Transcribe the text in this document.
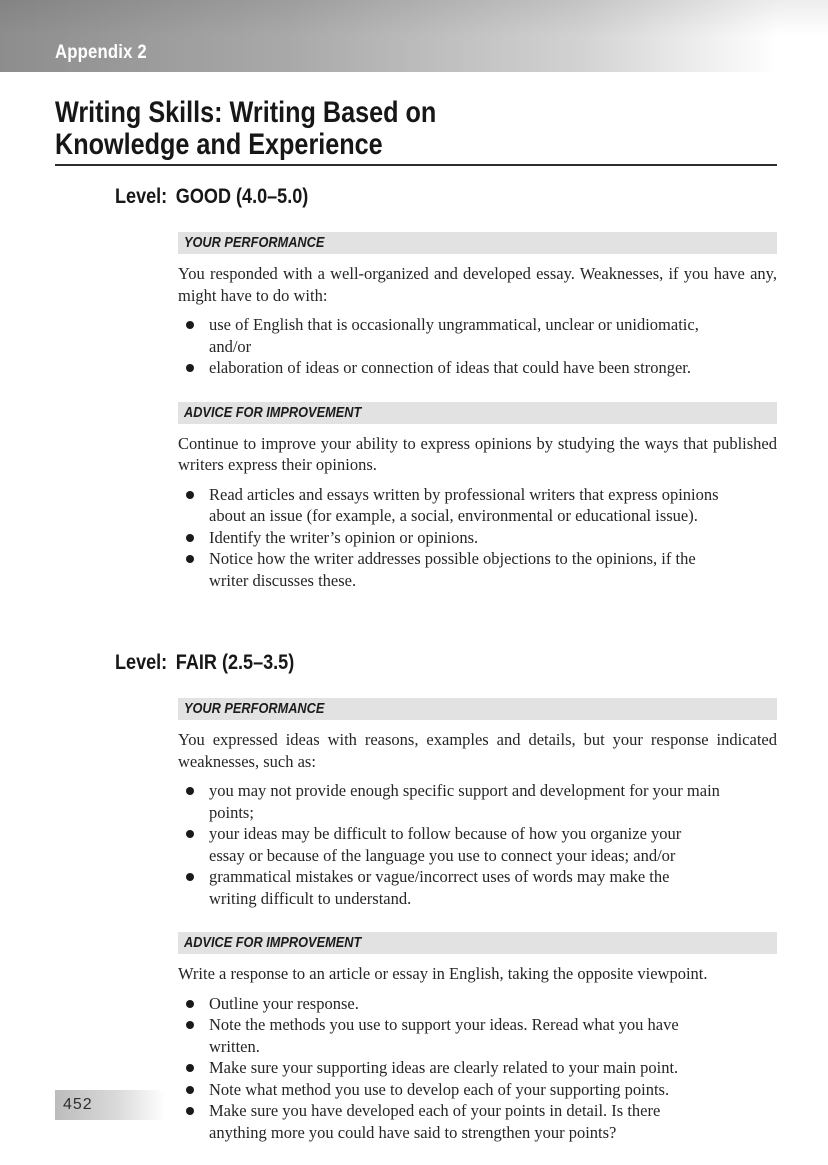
Appendix 2
Writing Skills: Writing Based on
Knowledge and Experience
Level: GOOD (4.0–5.0)
YOUR PERFORMANCE

You responded with a well-organized and developed essay. Weaknesses, if you have any, might have to do with:

use of English that is occasionally ungrammatical, unclear or unidiomatic, and/or
elaboration of ideas or connection of ideas that could have been stronger.
ADVICE FOR IMPROVEMENT

Continue to improve your ability to express opinions by studying the ways that published writers express their opinions.

Read articles and essays written by professional writers that express opinions about an issue (for example, a social, environmental or educational issue).
Identify the writer’s opinion or opinions.
Notice how the writer addresses possible objections to the opinions, if the writer discusses these.
Level: FAIR (2.5–3.5)
YOUR PERFORMANCE

You expressed ideas with reasons, examples and details, but your response indicated weaknesses, such as:

you may not provide enough specific support and development for your main points;
your ideas may be difficult to follow because of how you organize your essay or because of the language you use to connect your ideas; and/or
grammatical mistakes or vague/incorrect uses of words may make the writing difficult to understand.
ADVICE FOR IMPROVEMENT

Write a response to an article or essay in English, taking the opposite viewpoint.

Outline your response.
Note the methods you use to support your ideas. Reread what you have written.
Make sure your supporting ideas are clearly related to your main point.
Note what method you use to develop each of your supporting points.
Make sure you have developed each of your points in detail. Is there anything more you could have said to strengthen your points?
452
